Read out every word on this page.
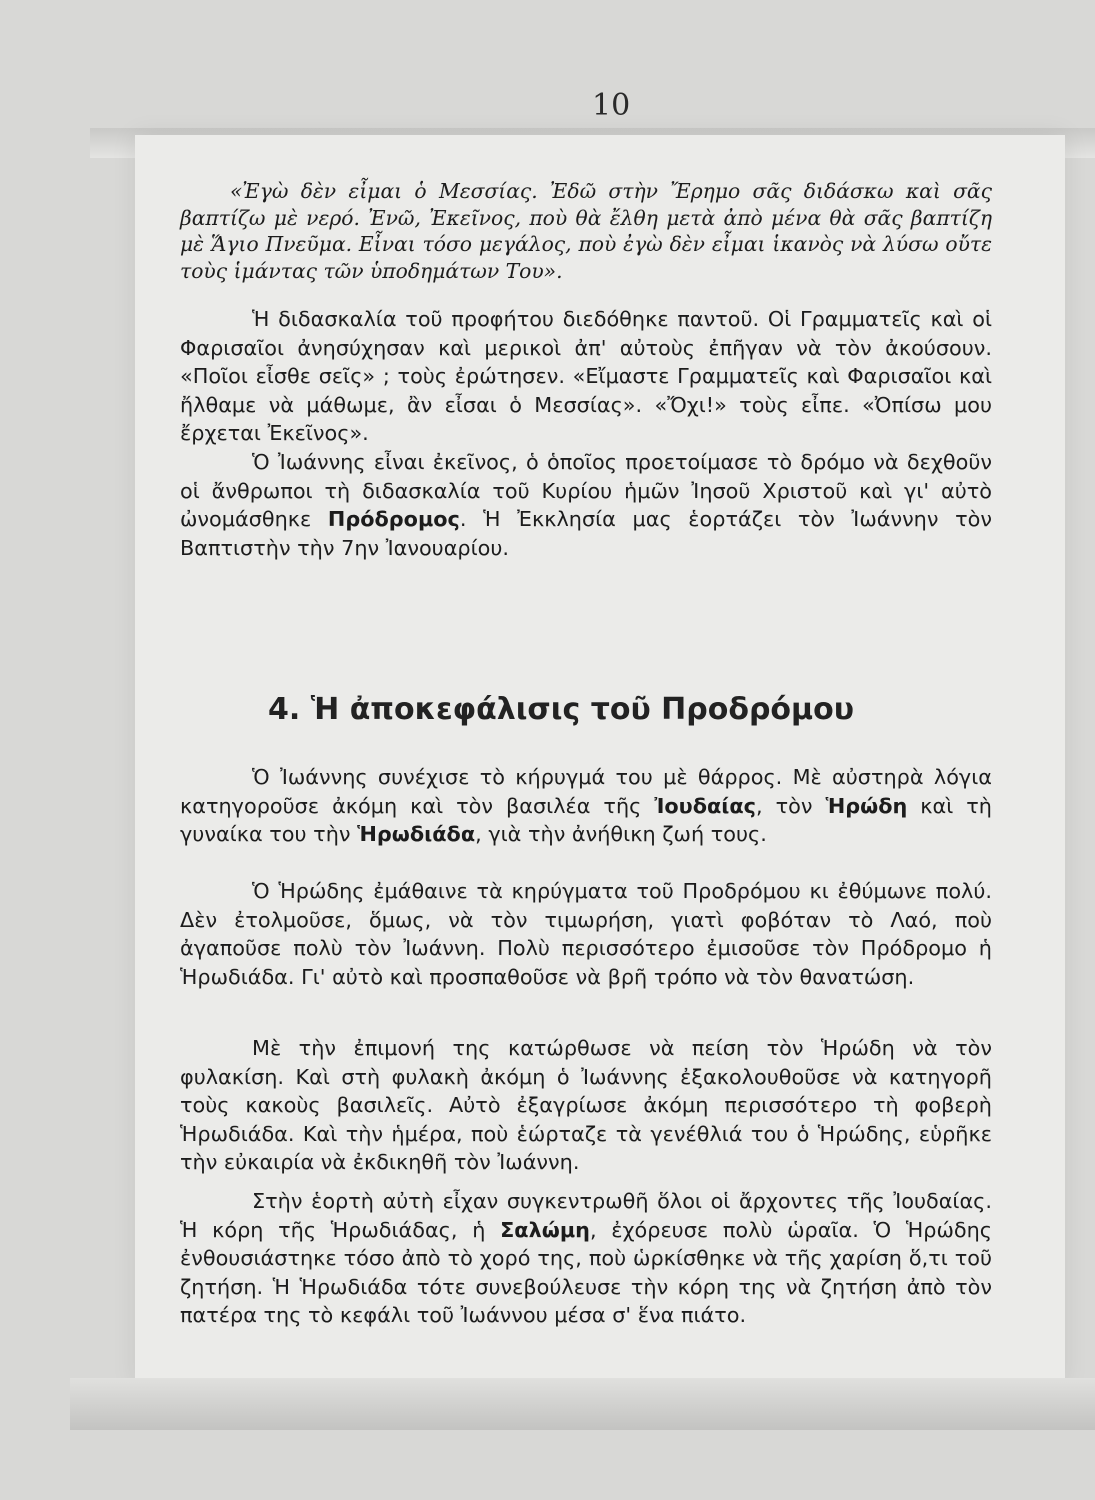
10

«Ἐγὼ δὲν εἶμαι ὁ Μεσσίας. Ἐδῶ στὴν Ἔρημο σᾶς διδάσκω καὶ σᾶς βαπτίζω μὲ νερό. Ἐνῶ, Ἐκεῖνος, ποὺ θὰ ἔλθη μετὰ ἀπὸ μένα θὰ σᾶς βαπτίζη μὲ Ἅγιο Πνεῦμα. Εἶναι τόσο μεγάλος, ποὺ ἐγὼ δὲν εἶμαι ἱκανὸς νὰ λύσω οὔτε τοὺς ἱμάντας τῶν ὑποδημάτων Του».

Ἡ διδασκαλία τοῦ προφήτου διεδόθηκε παντοῦ. Οἱ Γραμματεῖς καὶ οἱ Φαρισαῖοι ἀνησύχησαν καὶ μερικοὶ ἀπ' αὐτοὺς ἐπῆγαν νὰ τὸν ἀκούσουν. «Ποῖοι εἶσθε σεῖς» ; τοὺς ἐρώτησεν. «Εἴμαστε Γραμματεῖς καὶ Φαρισαῖοι καὶ ἤλθαμε νὰ μάθωμε, ἂν εἶσαι ὁ Μεσσίας». «Ὄχι!» τοὺς εἶπε. «Ὀπίσω μου ἔρχεται Ἐκεῖνος».

Ὁ Ἰωάννης εἶναι ἐκεῖνος, ὁ ὁποῖος προετοίμασε τὸ δρόμο νὰ δεχθοῦν οἱ ἄνθρωποι τὴ διδασκαλία τοῦ Κυρίου ἡμῶν Ἰησοῦ Χριστοῦ καὶ γι' αὐτὸ ὠνομάσθηκε Πρόδρομος. Ἡ Ἐκκλησία μας ἑορτάζει τὸν Ἰωάννην τὸν Βαπτιστὴν τὴν 7ην Ἰανουαρίου.

4. Ἡ ἀποκεφάλισις τοῦ Προδρόμου

Ὁ Ἰωάννης συνέχισε τὸ κήρυγμά του μὲ θάρρος. Μὲ αὐστηρὰ λόγια κατηγοροῦσε ἀκόμη καὶ τὸν βασιλέα τῆς Ἰουδαίας, τὸν Ἡρώδη καὶ τὴ γυναίκα του τὴν Ἡρωδιάδα, γιὰ τὴν ἀνήθικη ζωή τους.

Ὁ Ἡρώδης ἐμάθαινε τὰ κηρύγματα τοῦ Προδρόμου κι ἐθύμωνε πολύ. Δὲν ἐτολμοῦσε, ὅμως, νὰ τὸν τιμωρήση, γιατὶ φοβόταν τὸ Λαό, ποὺ ἀγαποῦσε πολὺ τὸν Ἰωάννη. Πολὺ περισσότερο ἐμισοῦσε τὸν Πρόδρομο ἡ Ἡρωδιάδα. Γι' αὐτὸ καὶ προσπαθοῦσε νὰ βρῆ τρόπο νὰ τὸν θανατώση.

Μὲ τὴν ἐπιμονή της κατώρθωσε νὰ πείση τὸν Ἡρώδη νὰ τὸν φυλακίση. Καὶ στὴ φυλακὴ ἀκόμη ὁ Ἰωάννης ἐξακολουθοῦσε νὰ κατηγορῆ τοὺς κακοὺς βασιλεῖς. Αὐτὸ ἐξαγρίωσε ἀκόμη περισσότερο τὴ φοβερὴ Ἡρωδιάδα. Καὶ τὴν ἡμέρα, ποὺ ἑώρταζε τὰ γενέθλιά του ὁ Ἡρώδης, εὑρῆκε τὴν εὐκαιρία νὰ ἐκδικηθῆ τὸν Ἰωάννη.

Στὴν ἑορτὴ αὐτὴ εἶχαν συγκεντρωθῆ ὅλοι οἱ ἄρχοντες τῆς Ἰουδαίας. Ἡ κόρη τῆς Ἡρωδιάδας, ἡ Σαλώμη, ἐχόρευσε πολὺ ὡραῖα. Ὁ Ἡρώδης ἐνθουσιάστηκε τόσο ἀπὸ τὸ χορό της, ποὺ ὡρκίσθηκε νὰ τῆς χαρίση ὅ,τι τοῦ ζητήση. Ἡ Ἡρωδιάδα τότε συνεβούλευσε τὴν κόρη της νὰ ζητήση ἀπὸ τὸν πατέρα της τὸ κεφάλι τοῦ Ἰωάννου μέσα σ' ἕνα πιάτο.
